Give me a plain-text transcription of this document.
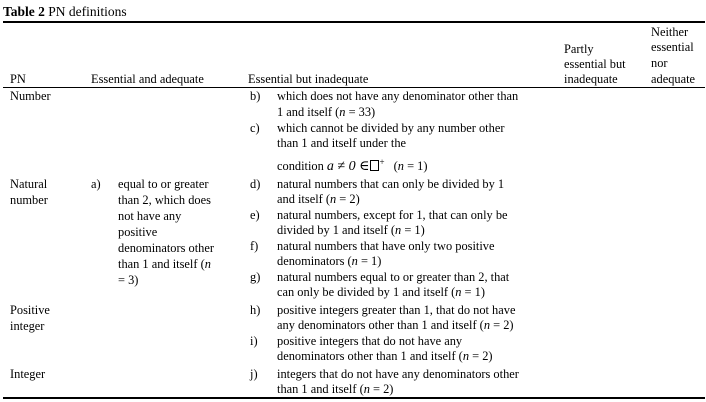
Table 2 PN definitions
PN	Essential and adequate	Essential but inadequate
Partly
essential but
inadequate
Neither
essential
nor
adequate
Number
Natural
number
Positive
integer
Integer
a) equal to or greater
than 2, which does
not have any
positive
denominators other
than 1 and itself (n
= 3)
b) which does not have any denominator other than
1 and itself (n = 33)
c) which cannot be divided by any number other
than 1 and itself under the
condition a ≠ 0 ∈ + (n = 1)
d) natural numbers that can only be divided by 1
and itself (n = 2)
e) natural numbers, except for 1, that can only be
divided by 1 and itself (n = 1)
f) natural numbers that have only two positive
denominators (n = 1)
g) natural numbers equal to or greater than 2, that
can only be divided by 1 and itself (n = 1)
h) positive integers greater than 1, that do not have
any denominators other than 1 and itself (n = 2)
i) positive integers that do not have any
denominators other than 1 and itself (n = 2)
j) integers that do not have any denominators other
than 1 and itself (n = 2)
